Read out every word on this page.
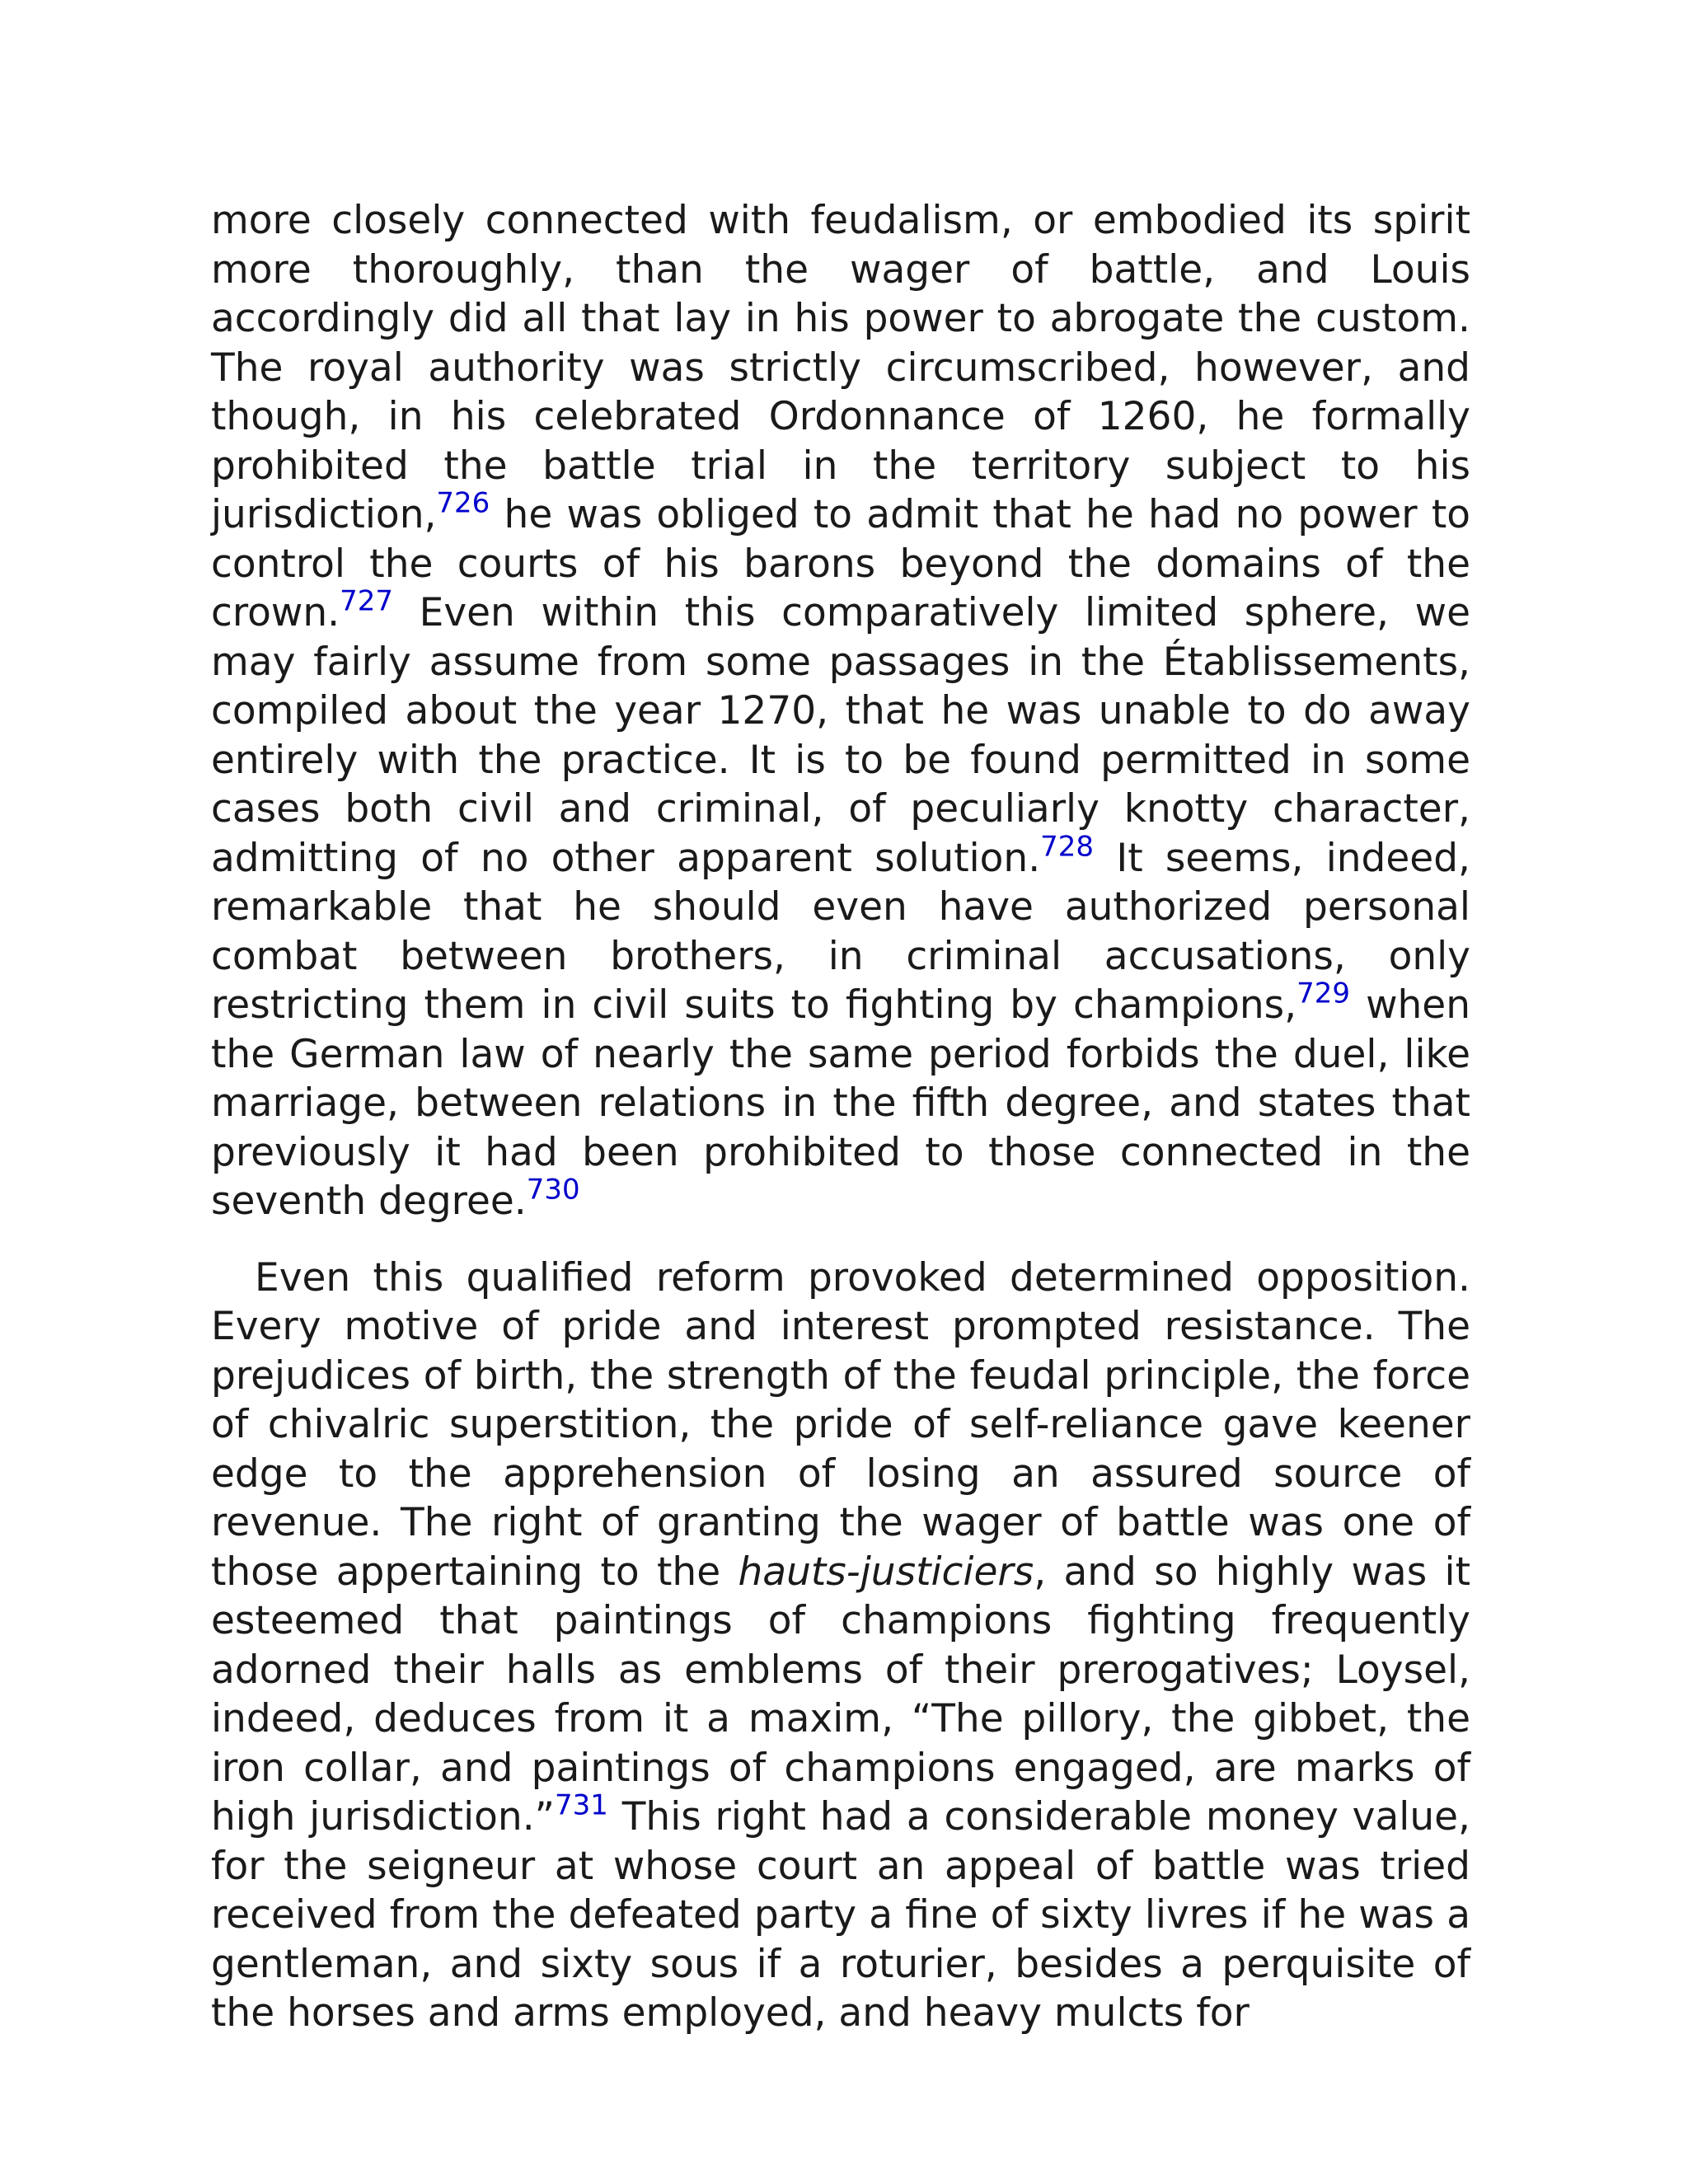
more closely connected with feudalism, or embodied its spirit more thoroughly, than the wager of battle, and Louis accordingly did all that lay in his power to abrogate the custom. The royal authority was strictly circumscribed, however, and though, in his celebrated Ordonnance of 1260, he formally prohibited the battle trial in the territory subject to his jurisdiction,$^{726}$ he was obliged to admit that he had no power to control the courts of his barons beyond the domains of the crown.$^{727}$ Even within this comparatively limited sphere, we may fairly assume from some passages in the Établissements, compiled about the year 1270, that he was unable to do away entirely with the practice. It is to be found permitted in some cases both civil and criminal, of peculiarly knotty character, admitting of no other apparent solution.$^{728}$ It seems, indeed, remarkable that he should even have authorized personal combat between brothers, in criminal accusations, only restricting them in civil suits to fighting by champions,$^{729}$ when the German law of nearly the same period forbids the duel, like marriage, between relations in the fifth degree, and states that previously it had been prohibited to those connected in the seventh degree.$^{730}$

Even this qualified reform provoked determined opposition. Every motive of pride and interest prompted resistance. The prejudices of birth, the strength of the feudal principle, the force of chivalric superstition, the pride of self-reliance gave keener edge to the apprehension of losing an assured source of revenue. The right of granting the wager of battle was one of those appertaining to the hauts-justiciers, and so highly was it esteemed that paintings of champions fighting frequently adorned their halls as emblems of their prerogatives; Loysel, indeed, deduces from it a maxim, “The pillory, the gibbet, the iron collar, and paintings of champions engaged, are marks of high jurisdiction.”$^{731}$ This right had a considerable money value, for the seigneur at whose court an appeal of battle was tried received from the defeated party a fine of sixty livres if he was a gentleman, and sixty sous if a roturier, besides a perquisite of the horses and arms employed, and heavy mulcts for
